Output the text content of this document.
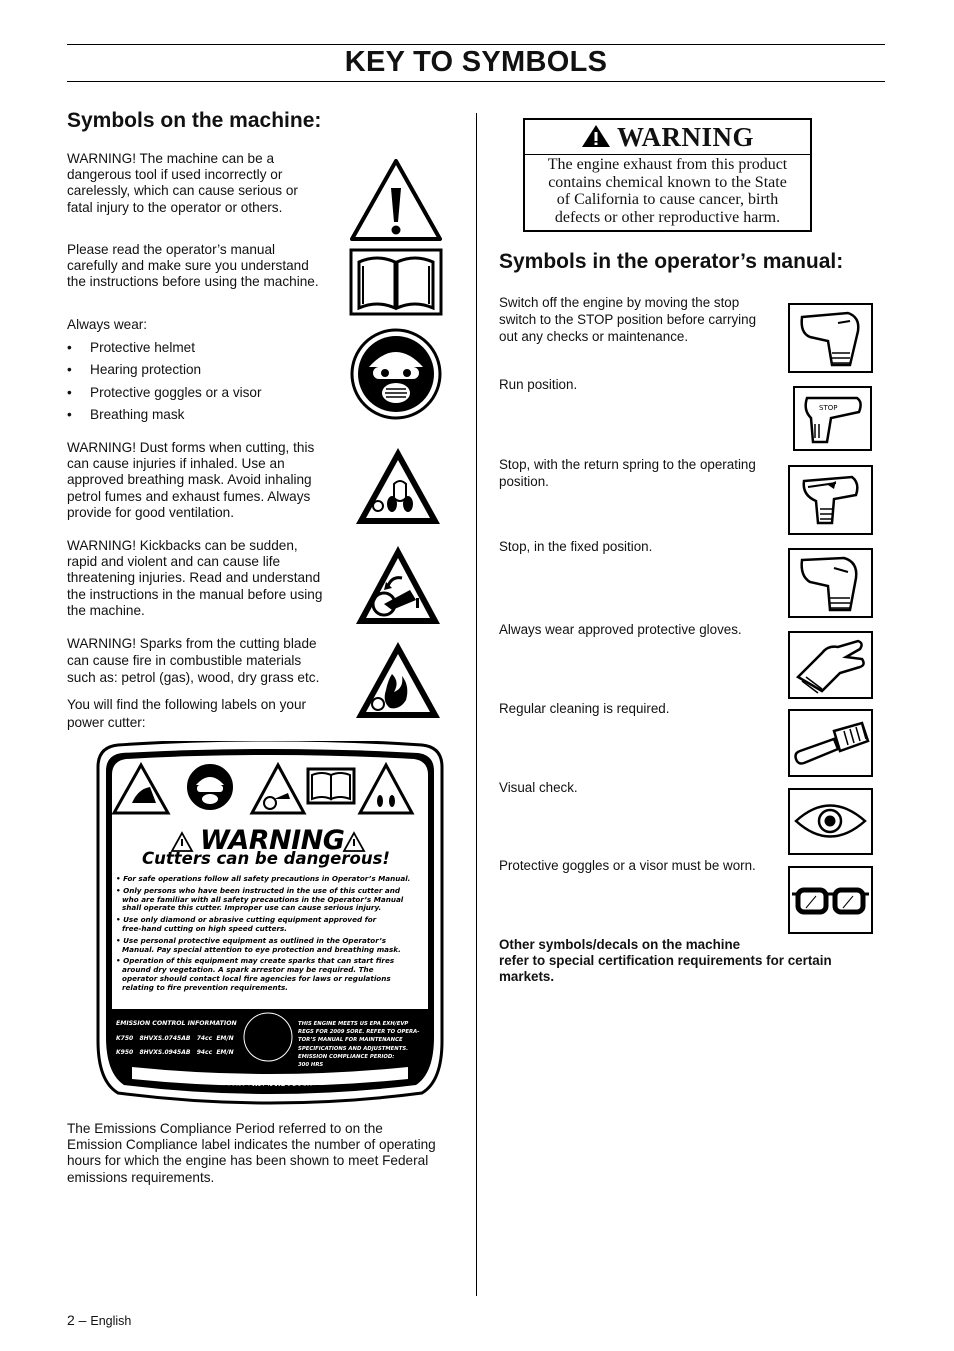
KEY TO SYMBOLS
Symbols on the machine:
WARNING! The machine can be a
dangerous tool if used incorrectly or
carelessly, which can cause serious or
fatal injury to the operator or others.
Please read the operator’s manual
carefully and make sure you understand
the instructions before using the machine.
Always wear:
• Protective helmet
• Hearing protection
• Protective goggles or a visor
• Breathing mask
WARNING! Dust forms when cutting, this
can cause injuries if inhaled. Use an
approved breathing mask. Avoid inhaling
petrol fumes and exhaust fumes. Always
provide for good ventilation.
WARNING! Kickbacks can be sudden,
rapid and violent and can cause life
threatening injuries. Read and understand
the instructions in the manual before using
the machine.
WARNING! Sparks from the cutting blade
can cause fire in combustible materials
such as: petrol (gas), wood, dry grass etc.
You will find the following labels on your
power cutter:
WARNING
Cutters can be dangerous!
• For safe operations follow all safety precautions in Operator’s Manual.
• Only persons who have been instructed in the use of this cutter and
who are familiar with all safety precautions in the Operator’s Manual
shall operate this cutter. Improper use can cause serious injury.
• Use only diamond or abrasive cutting equipment approved for
free-hand cutting on high speed cutters.
• Use personal protective equipment as outlined in the Operator’s
Manual. Pay special attention to eye protection and breathing mask.
• Operation of this equipment may create sparks that can start fires
around dry vegetation. A spark arrestor may be required. The
operator should contact local fire agencies for laws or regulations
relating to fire prevention requirements.
EMISSION CONTROL INFORMATION
K750   8HVXS.0745AB   74cc  EM/N
K950   8HVXS.0945AB   94cc  EM/N
THIS ENGINE MEETS US EPA EXH/EVP
REGS FOR 2009 SORE. REFER TO OPERA-
TOR’S MANUAL FOR MAINTENANCE
SPECIFICATIONS AND ADJUSTMENTS.
EMISSION COMPLIANCE PERIOD:
300 HRS
HUSQVARNA CONSTRUCTION PRODUCTS, SWEDEN
The Emissions Compliance Period referred to on the
Emission Compliance label indicates the number of operating
hours for which the engine has been shown to meet Federal
emissions requirements.
WARNING
The engine exhaust from this product
contains chemical known to the State
of California to cause cancer, birth
defects or other reproductive harm.
Symbols in the operator’s manual:
Switch off the engine by moving the stop
switch to the STOP position before carrying
out any checks or maintenance.
Run position.
STOP
Stop, with the return spring to the operating
position.
Stop, in the fixed position.
Always wear approved protective gloves.
Regular cleaning is required.
Visual check.
Protective goggles or a visor must be worn.
Other symbols/decals on the machine
refer to special certification requirements for certain
markets.
2 – English
